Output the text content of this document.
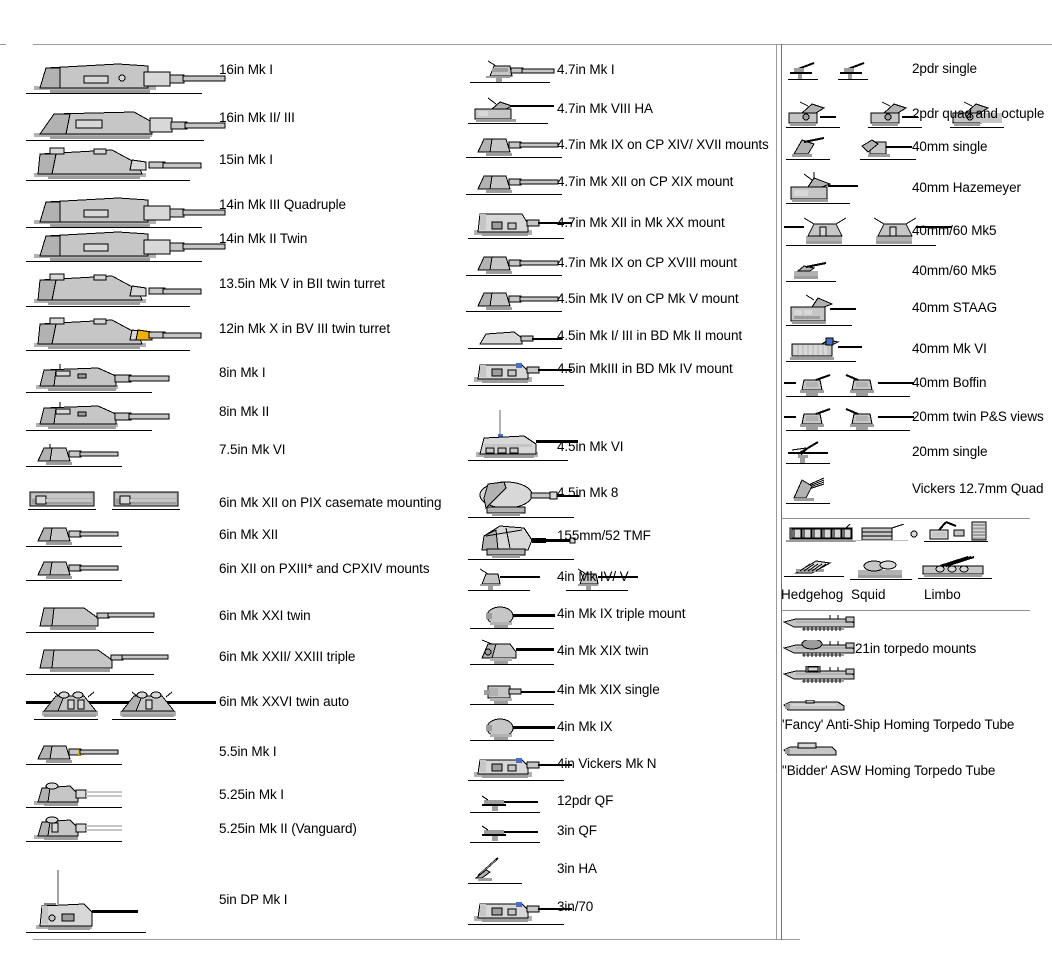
16in Mk I
16in Mk II/ III
15in Mk I
14in Mk III Quadruple
14in Mk II Twin
13.5in Mk V in BII twin turret
12in Mk X in BV III twin turret
8in Mk I
8in Mk II
7.5in Mk VI
6in Mk XII on PIX casemate mounting
6in Mk XII
6in XII on PXIII* and CPXIV mounts
6in Mk XXI twin
6in Mk XXII/ XXIII triple
6in Mk XXVI twin auto
5.5in Mk I
5.25in Mk I
5.25in Mk II (Vanguard)
5in DP Mk I
4.7in Mk I
4.7in Mk VIII HA
4.7in Mk IX on CP XIV/ XVII mounts
4.7in Mk XII on CP XIX mount
4.7in Mk XII in Mk XX mount
4.7in Mk IX on CP XVIII mount
4.5in Mk IV on CP Mk V mount
4.5in Mk I/ III in BD Mk II mount
4.5in MkIII in BD Mk IV mount
4.5in Mk VI
4.5in Mk 8
155mm/52 TMF
4in Mk IV/ V
4in Mk IX triple mount
4in Mk XIX twin
4in Mk XIX single
4in Mk IX
4in Vickers Mk N
12pdr QF
3in QF
3in HA
3in/70
2pdr single
2pdr quad and octuple
40mm single
40mm Hazemeyer
40mm/60 Mk5
40mm/60 Mk5
40mm STAAG
40mm Mk VI
40mm Boffin
20mm twin P&S views
20mm single
Vickers 12.7mm Quad
Hedgehog Squid	Limbo
21in torpedo mounts
'Fancy' Anti-Ship Homing Torpedo Tube
"Bidder' ASW Homing Torpedo Tube
